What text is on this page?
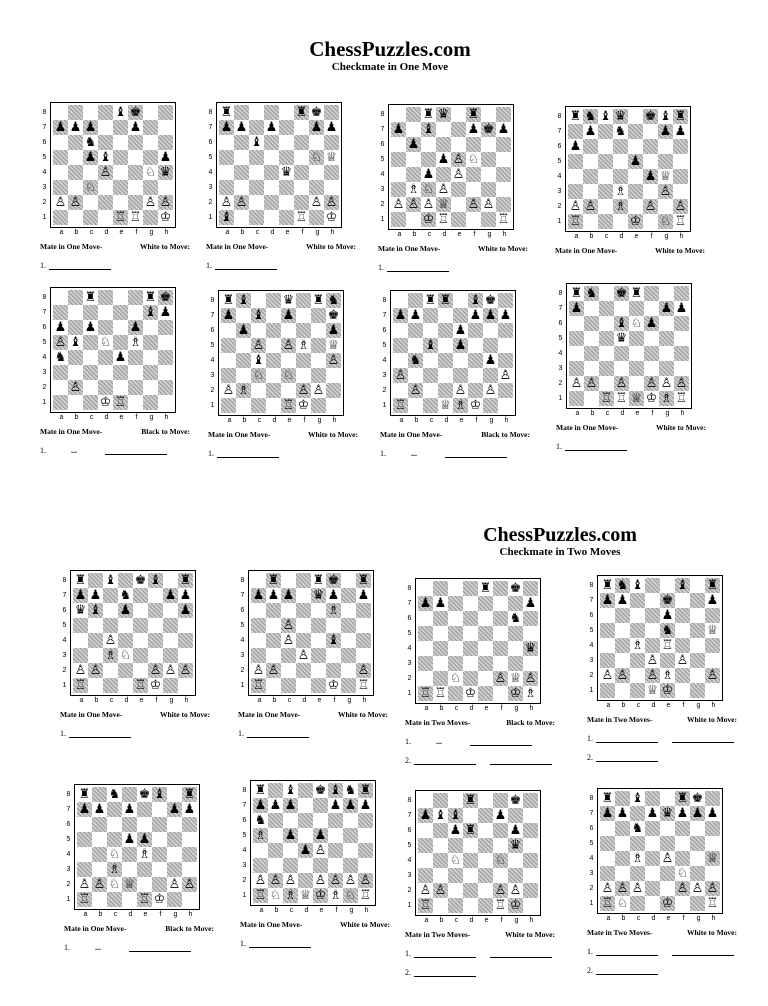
ChessPuzzles.com
Checkmate in One Move
ChessPuzzles.com
Checkmate in Two Moves
8
7
6
5
4
3
2
1
♝ ♚
♟ ♟ ♟	♟
♞
♟ ♝	♟
♙	♘ ♛
♘
♙ ♙	♙ ♙
♖ ♖ ♔
a	b	c	d	e	f	g	h
Mate in One Move-	White to Move:
1.
8
7
6
5
4
3
2
1
♜	♜ ♚
♟ ♟ ♟	♟ ♟
♝
♘ ♕
♛
♙ ♙	♙ ♙
♝	♖ ♔
a	b	c	d	e	f	g	h
Mate in One Move-	White to Move:
1.
8
7
6
5
4
3
2
1
♜ ♛ ♜
♟ ♝	♟ ♚ ♟
♟
♟ ♙ ♘
♟ ♙
♗ ♘ ♙
♙ ♙ ♙ ♕ ♙ ♙
♔ ♖	♖
a	b	c	d	e	f	g	h
Mate in One Move-	White to Move:
1.
8
7
6
5
4
3
2
1
♜ ♞ ♝ ♛ ♚ ♝ ♜
♟ ♞	♟ ♟
♟
♟
♟ ♕
♗	♙
♙ ♙ ♗ ♙ ♙
♖	♔ ♘ ♖
a	b	c	d	e	f	g	h
Mate in One Move-	White to Move:
8
7
6
5
4
3
2
1
♜	♜ ♚
♝ ♟
♟ ♟	♟
♙ ♝ ♘ ♗
♞	♟
♙
♔ ♖
a	b	c	d	e	f	g	h
Mate in One Move-	Black to Move:
1.	...
8
7
6
5
4
3
2
1
♜ ♝	♛ ♜ ♞
♟ ♝ ♟	♚
♟	♟
♙ ♙ ♗ ♕
♝	♙
♘ ♘
♙ ♗	♙ ♙
♖ ♔
a	b	c	d	e	f	g	h
Mate in One Move-	White to Move:
1.
8
7
6
5
4
3
2
1
♜ ♜ ♝ ♚
♟ ♟	♟ ♟ ♟
♟
♝ ♟
♞	♟
♙	♙
♙	♙ ♙
♖	♕ ♗ ♔
a	b	c	d	e	f	g	h
Mate in One Move-	Black to Move:
1.	...
8
7
6
5
4
3
2
1
♜ ♞ ♚ ♜
♟	♟ ♟
♝ ♘ ♟
♛
♙ ♙ ♙ ♙ ♙ ♙
♖ ♖ ♕ ♔ ♗ ♖
a	b	c	d	e	f	g	h
Mate in One Move-	White to Move:
1.
8
7
6
5
4
3
2
1
♜ ♝ ♚ ♝ ♜
♟ ♟ ♞	♟ ♟
♛ ♝ ♟	♟
♙
♗ ♘
♙ ♙	♙ ♙ ♙
♖	♖ ♔
a	b	c	d	e	f	g	h
Mate in One Move-	White to Move:
1.
8
7
6
5
4
3
2
1
♜	♜ ♚ ♜
♟ ♟ ♟ ♛ ♟ ♟
♗
♙
♙	♝
♙
♙ ♙	♙
♖	♔ ♖
a	b	c	d	e	f	g	h
Mate in One Move-	White to Move:
1.
8
7
6
5
4
3
2
1
♜ ♚
♟ ♟	♟
♞
♛
♘	♙ ♕ ♙
♖ ♖ ♔	♔ ♗
a	b	c	d	e	f	g	h
Mate in Two Moves-	Black to Move:
1.	...
2.
8
7
6
5
4
3
2
1
♜ ♞ ♝	♝ ♜
♟ ♟	♚	♟
♟
♞	♕
♗ ♖
♙ ♙
♙ ♙ ♙ ♗	♙
♕ ♔
a	b	c	d	e	f	g	h
Mate in Two Moves-	White to Move:
1.
2.
8
7
6
5
4
3
2
1
♜ ♞ ♚ ♝ ♜
♟ ♟ ♟	♟ ♟
♟ ♟
♘ ♗
♗
♙ ♙ ♘ ♕	♙ ♙
♖	♖ ♔
a	b	c	d	e	f	g	h
Mate in One Move-	Black to Move:
1.	...
8
7
6
5
4
3
2
1
♜ ♝ ♚ ♝ ♞ ♜
♟ ♟ ♟	♟ ♟ ♟
♞
♗ ♟ ♟
♟ ♙
♙ ♙ ♙ ♙ ♙ ♙ ♙
♖ ♘ ♗ ♕ ♔ ♗ ♘ ♖
a	b	c	d	e	f	g	h
Mate in One Move-	White to Move:
1.
8
7
6
5
4
3
2
1
♜	♚
♟ ♝ ♝	♟
♟ ♜	♟
♛
♘	♘
♙ ♙	♙ ♙
♖	♖ ♔
a	b	c	d	e	f	g	h
Mate in Two Moves-	White to Move:
1.
2.
8
7
6
5
4
3
2
1
♜ ♝	♜ ♚
♟ ♟ ♟ ♛ ♟ ♟ ♟
♞
♗ ♙	♕
♘
♙ ♙ ♙	♙ ♙ ♙
♖ ♘	♔	♖
a	b	c	d	e	f	g	h
Mate in Two Moves-	White to Move:
1.
2.
